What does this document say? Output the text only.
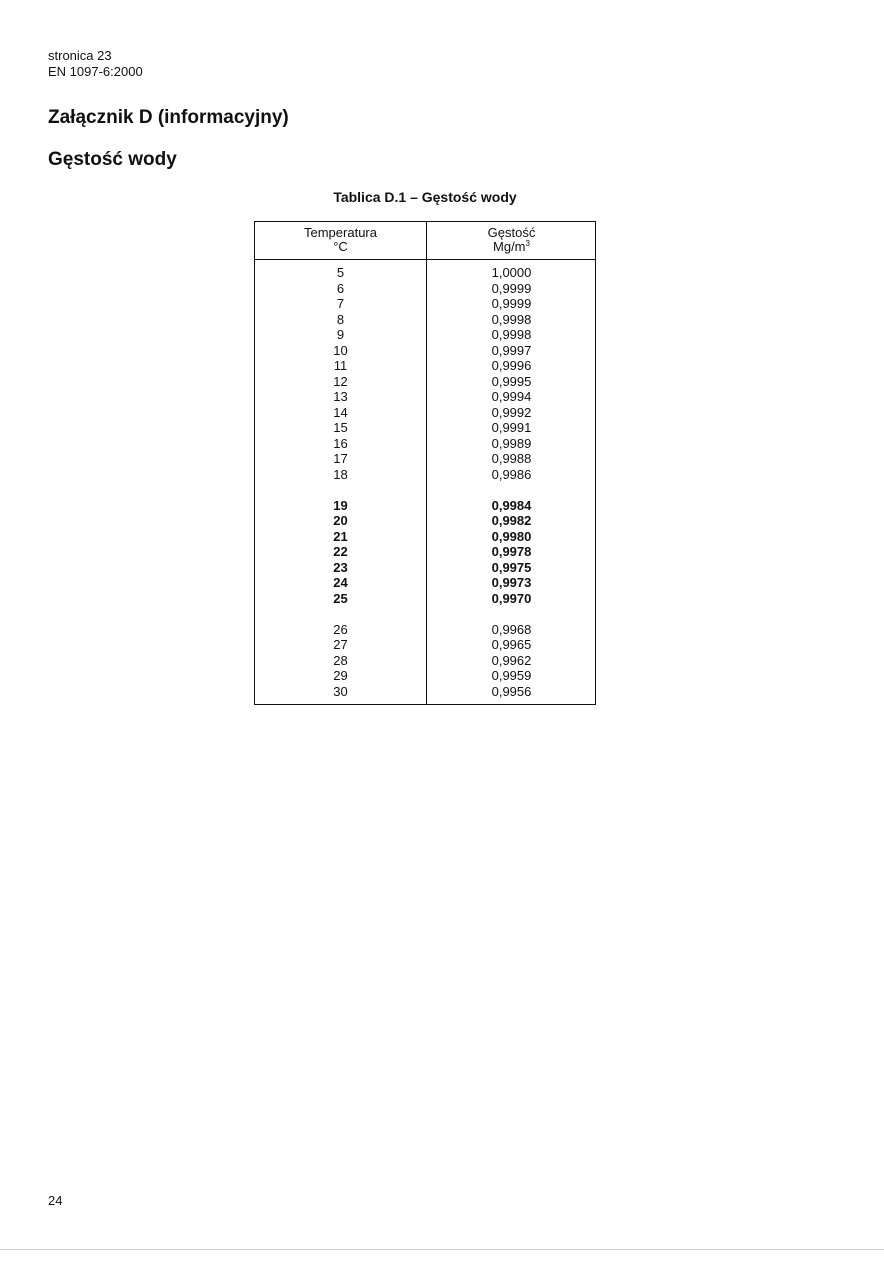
stronica 23
EN 1097-6:2000
Załącznik D (informacyjny)
Gęstość wody
Tablica D.1 – Gęstość wody
Temperatura
°C
Gęstość
$Mg/m^3$
5
6
7
8
9
10
11
12
13
14
15
16
17
18
19
20
21
22
23
24
25
26
27
28
29
30
1,0000
0,9999
0,9999
0,9998
0,9998
0,9997
0,9996
0,9995
0,9994
0,9992
0,9991
0,9989
0,9988
0,9986
0,9984
0,9982
0,9980
0,9978
0,9975
0,9973
0,9970
0,9968
0,9965
0,9962
0,9959
0,9956
24
